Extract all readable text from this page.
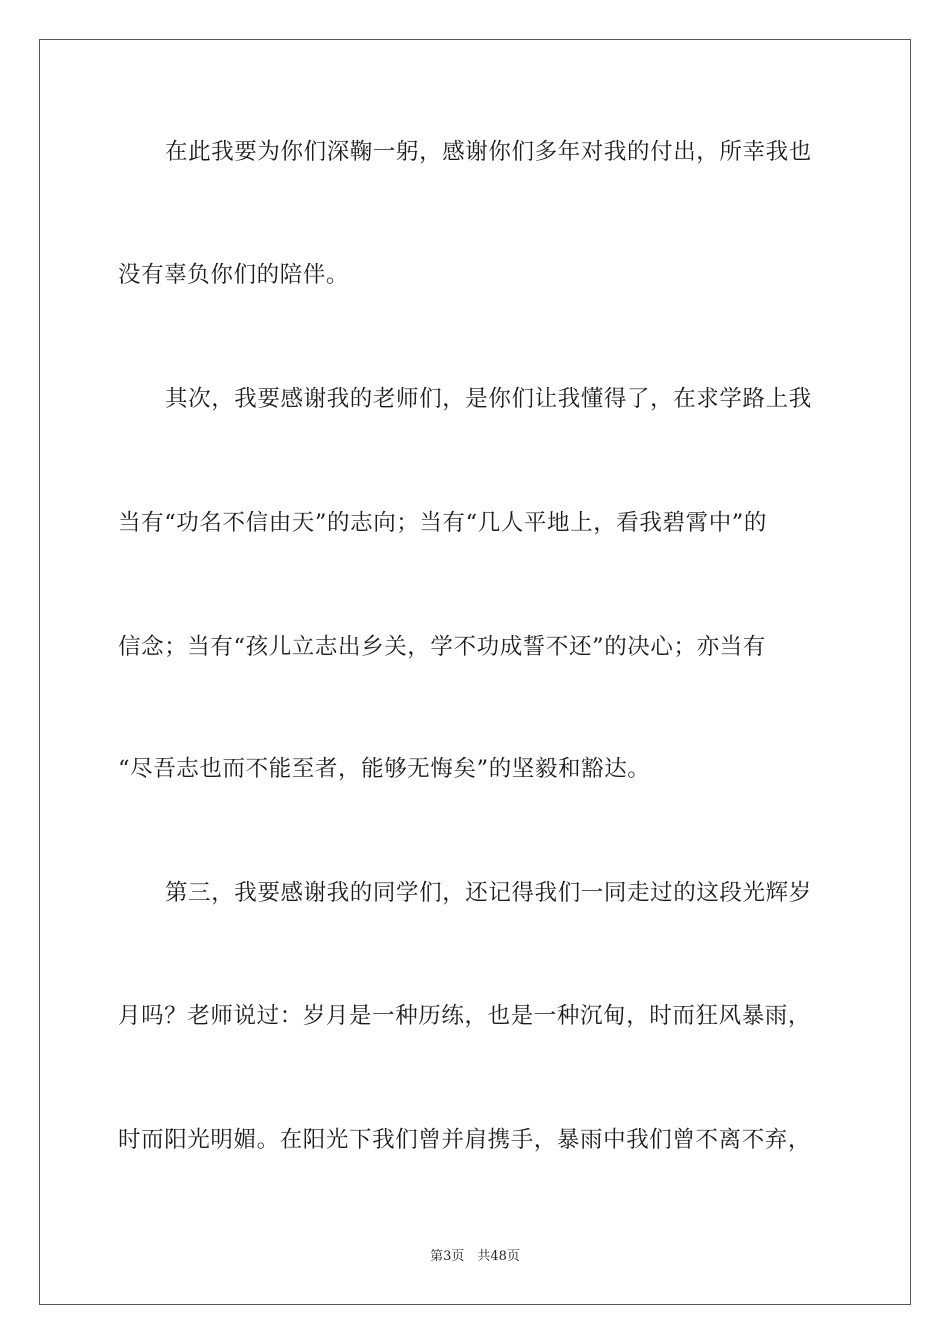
在此我要为你们深鞠一躬，感谢你们多年对我的付出，所幸我也
没有辜负你们的陪伴。
其次，我要感谢我的老师们，是你们让我懂得了，在求学路上我
当有“功名不信由天”的志向；当有“几人平地上，看我碧霄中”的
信念；当有“孩儿立志出乡关，学不功成誓不还”的决心；亦当有
“尽吾志也而不能至者，能够无悔矣”的坚毅和豁达。
第三，我要感谢我的同学们，还记得我们一同走过的这段光辉岁
月吗？老师说过：岁月是一种历练，也是一种沉甸，时而狂风暴雨，
时而阳光明媚。在阳光下我们曾并肩携手，暴雨中我们曾不离不弃，
第3页　共48页
